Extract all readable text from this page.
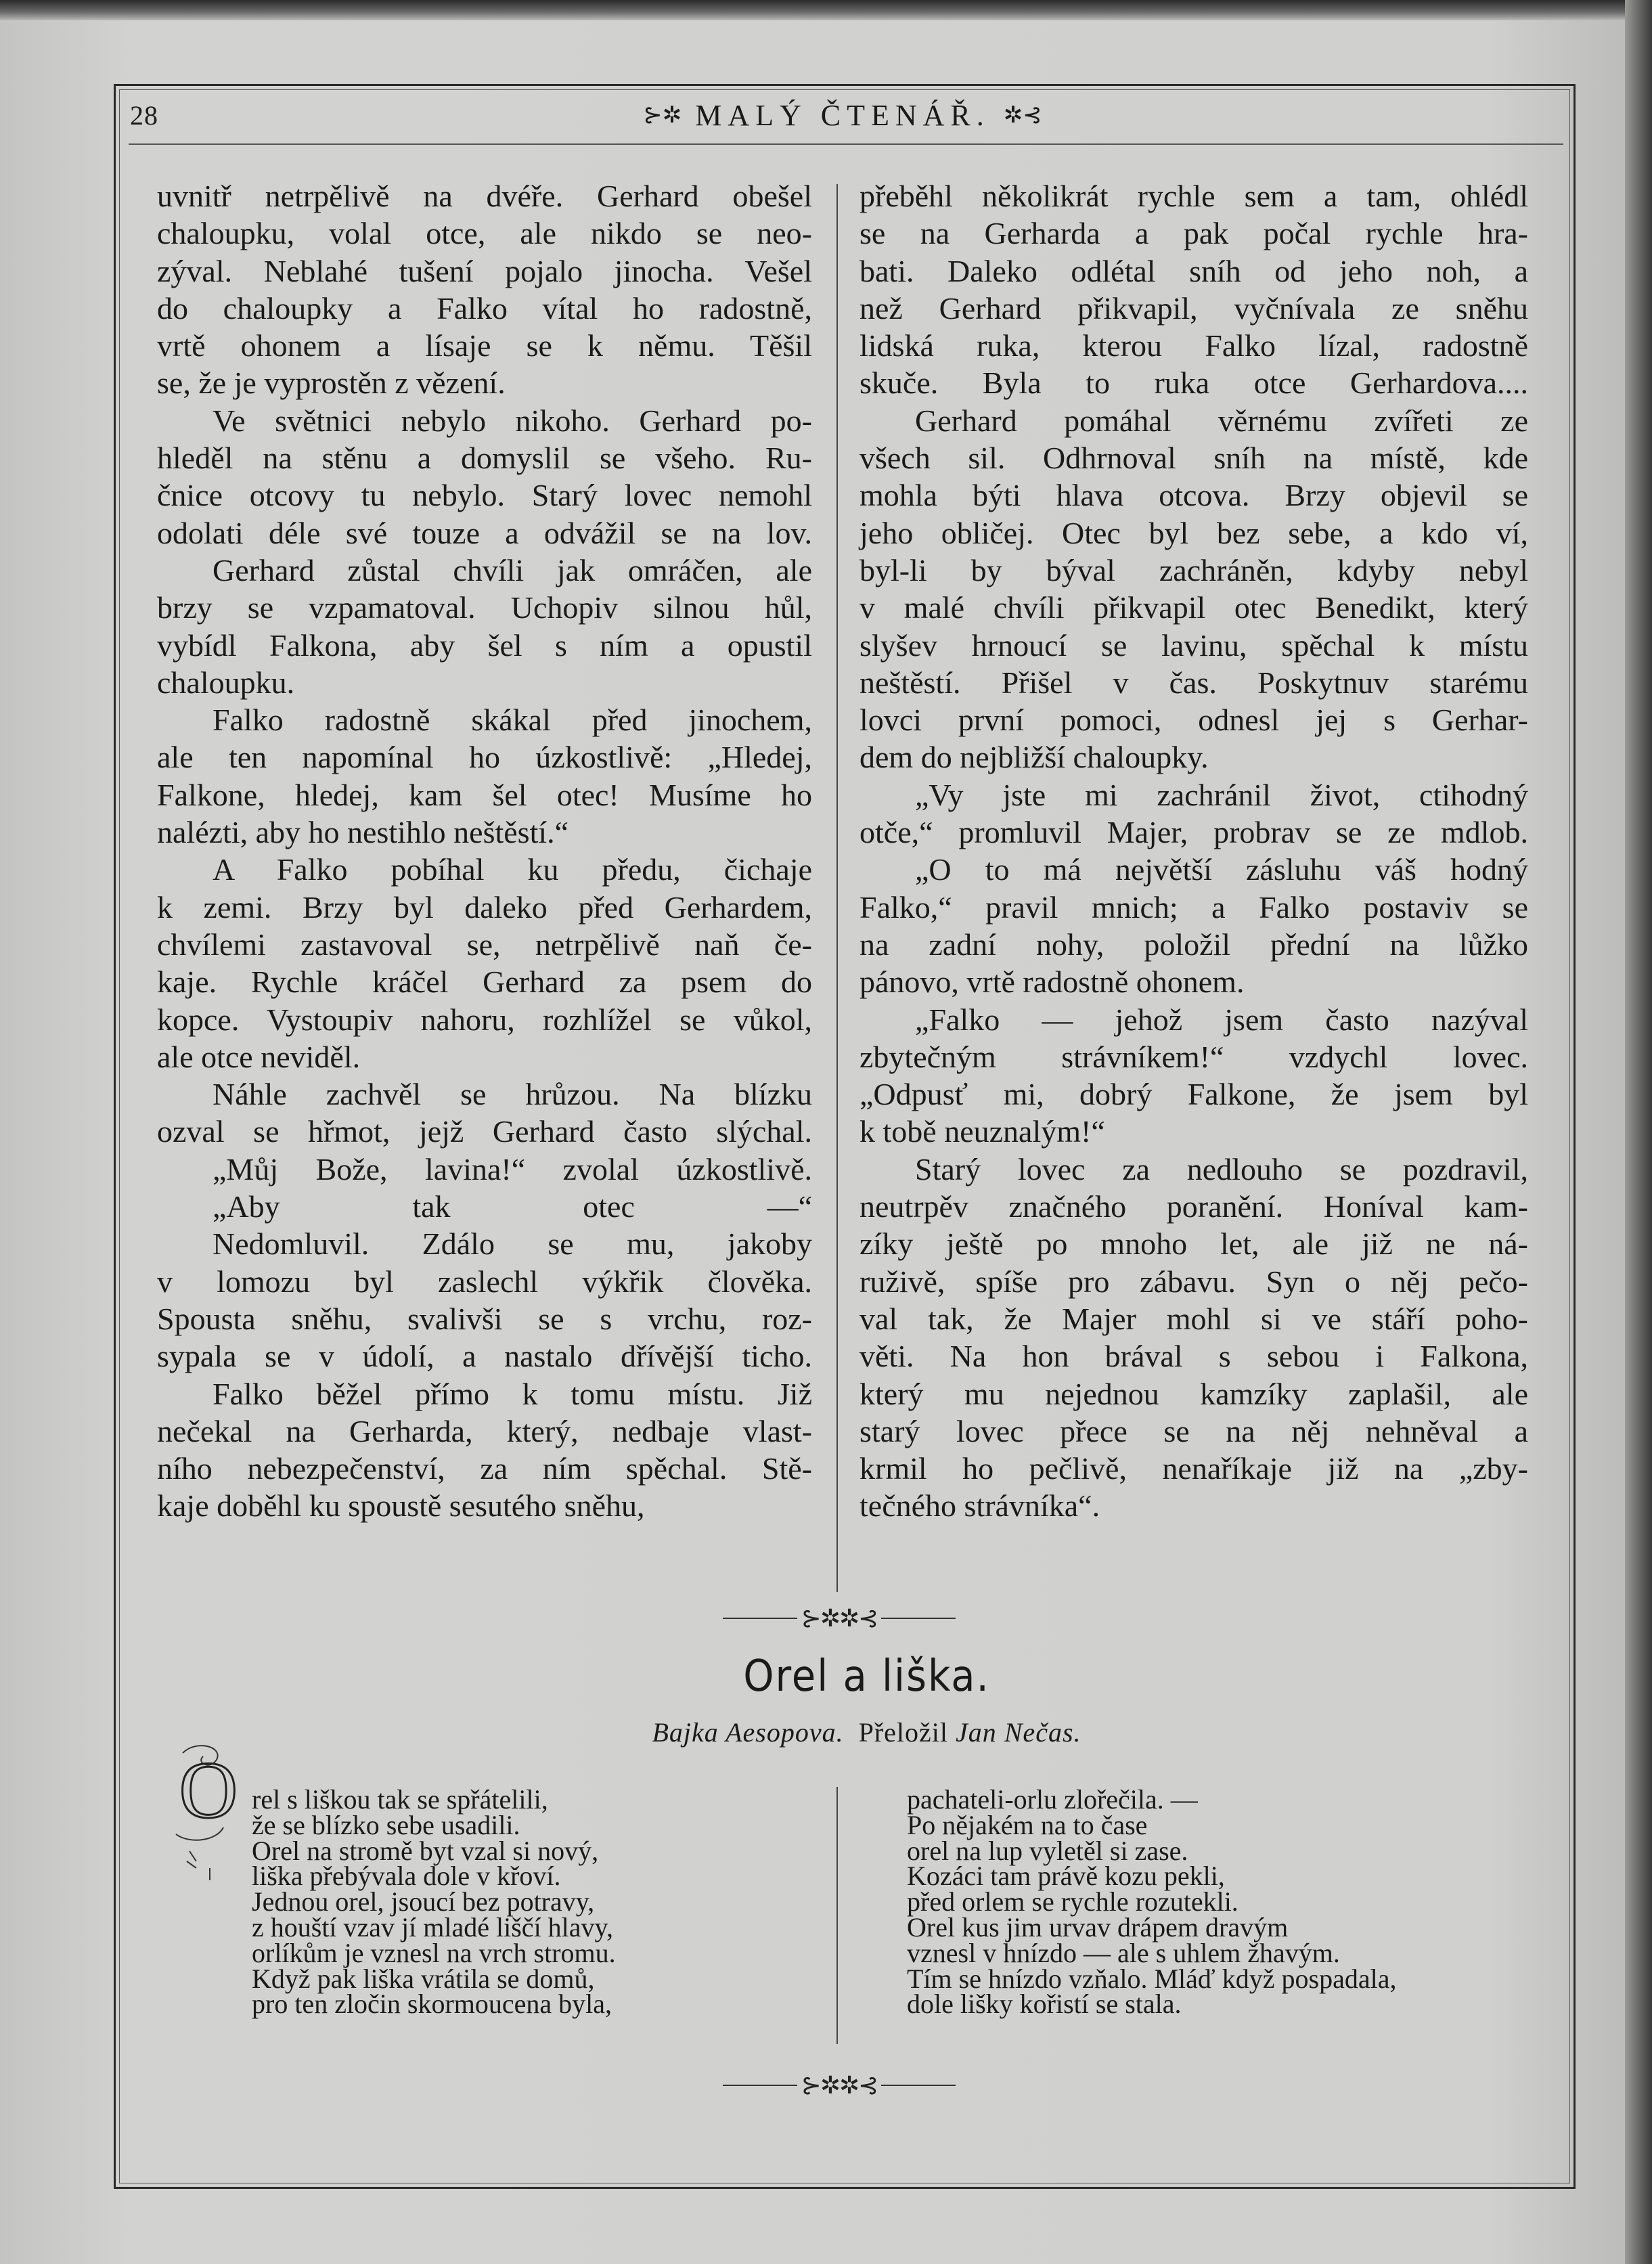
28	⊱✲ MALÝ ČTENÁŘ. ✲⊰
uvnitř netrpělivě na dvéře. Gerhard obešel
chaloupku, volal otce, ale nikdo se neo-
zýval. Neblahé tušení pojalo jinocha. Vešel
do chaloupky a Falko vítal ho radostně,
vrtě ohonem a lísaje se k němu. Těšil
se, že je vyprostěn z vězení.
Ve světnici nebylo nikoho. Gerhard po-
hleděl na stěnu a domyslil se všeho. Ru-
čnice otcovy tu nebylo. Starý lovec nemohl
odolati déle své touze a odvážil se na lov.
Gerhard zůstal chvíli jak omráčen, ale
brzy se vzpamatoval. Uchopiv silnou hůl,
vybídl Falkona, aby šel s ním a opustil
chaloupku.
Falko radostně skákal před jinochem,
ale ten napomínal ho úzkostlivě: „Hledej,
Falkone, hledej, kam šel otec! Musíme ho
nalézti, aby ho nestihlo neštěstí.“
A Falko pobíhal ku předu, čichaje
k zemi. Brzy byl daleko před Gerhardem,
chvílemi zastavoval se, netrpělivě naň če-
kaje. Rychle kráčel Gerhard za psem do
kopce. Vystoupiv nahoru, rozhlížel se vůkol,
ale otce neviděl.
Náhle zachvěl se hrůzou. Na blízku
ozval se hřmot, jejž Gerhard často slýchal.
„Můj Bože, lavina!“ zvolal úzkostlivě.
„Aby tak otec —“
Nedomluvil. Zdálo se mu, jakoby
v lomozu byl zaslechl výkřik člověka.
Spousta sněhu, svalivši se s vrchu, roz-
sypala se v údolí, a nastalo dřívější ticho.
Falko běžel přímo k tomu místu. Již
nečekal na Gerharda, který, nedbaje vlast-
ního nebezpečenství, za ním spěchal. Stě-
kaje doběhl ku spoustě sesutého sněhu,
přeběhl několikrát rychle sem a tam, ohlédl
se na Gerharda a pak počal rychle hra-
bati. Daleko odlétal sníh od jeho noh, a
než Gerhard přikvapil, vyčnívala ze sněhu
lidská ruka, kterou Falko lízal, radostně
skuče. Byla to ruka otce Gerhardova....
Gerhard pomáhal věrnému zvířeti ze
všech sil. Odhrnoval sníh na místě, kde
mohla býti hlava otcova. Brzy objevil se
jeho obličej. Otec byl bez sebe, a kdo ví,
byl-li by býval zachráněn, kdyby nebyl
v malé chvíli přikvapil otec Benedikt, který
slyšev hrnoucí se lavinu, spěchal k místu
neštěstí. Přišel v čas. Poskytnuv starému
lovci první pomoci, odnesl jej s Gerhar-
dem do nejbližší chaloupky.
„Vy jste mi zachránil život, ctihodný
otče,“ promluvil Majer, probrav se ze mdlob.
„O to má největší zásluhu váš hodný
Falko,“ pravil mnich; a Falko postaviv se
na zadní nohy, položil přední na lůžko
pánovo, vrtě radostně ohonem.
„Falko — jehož jsem často nazýval
zbytečným strávníkem!“ vzdychl lovec.
„Odpusť mi, dobrý Falkone, že jsem byl
k tobě neuznalým!“
Starý lovec za nedlouho se pozdravil,
neutrpěv značného poranění. Honíval kam-
zíky ještě po mnoho let, ale již ne ná-
ruživě, spíše pro zábavu. Syn o něj pečo-
val tak, že Majer mohl si ve stáří poho-
věti. Na hon brával s sebou i Falkona,
který mu nejednou kamzíky zaplašil, ale
starý lovec přece se na něj nehněval a
krmil ho pečlivě, nenaříkaje již na „zby-
tečného strávníka“.
⊱✲✲⊰
Orel a liška.
Bajka Aesopova. Přeložil Jan Nečas.
O rel s liškou tak se spřátelili,
že se blízko sebe usadili.
Orel na stromě byt vzal si nový,
liška přebývala dole v křoví.
Jednou orel, jsoucí bez potravy,
z houští vzav jí mladé liščí hlavy,
orlíkům je vznesl na vrch stromu.
Když pak liška vrátila se domů,
pro ten zločin skormoucena byla,
pachateli-orlu zlořečila. —
Po nějakém na to čase
orel na lup vyletěl si zase.
Kozáci tam právě kozu pekli,
před orlem se rychle rozutekli.
Orel kus jim urvav drápem dravým
vznesl v hnízdo — ale s uhlem žhavým.
Tím se hnízdo vzňalo. Mláď když pospadala,
dole lišky kořistí se stala.
⊱✲✲⊰
